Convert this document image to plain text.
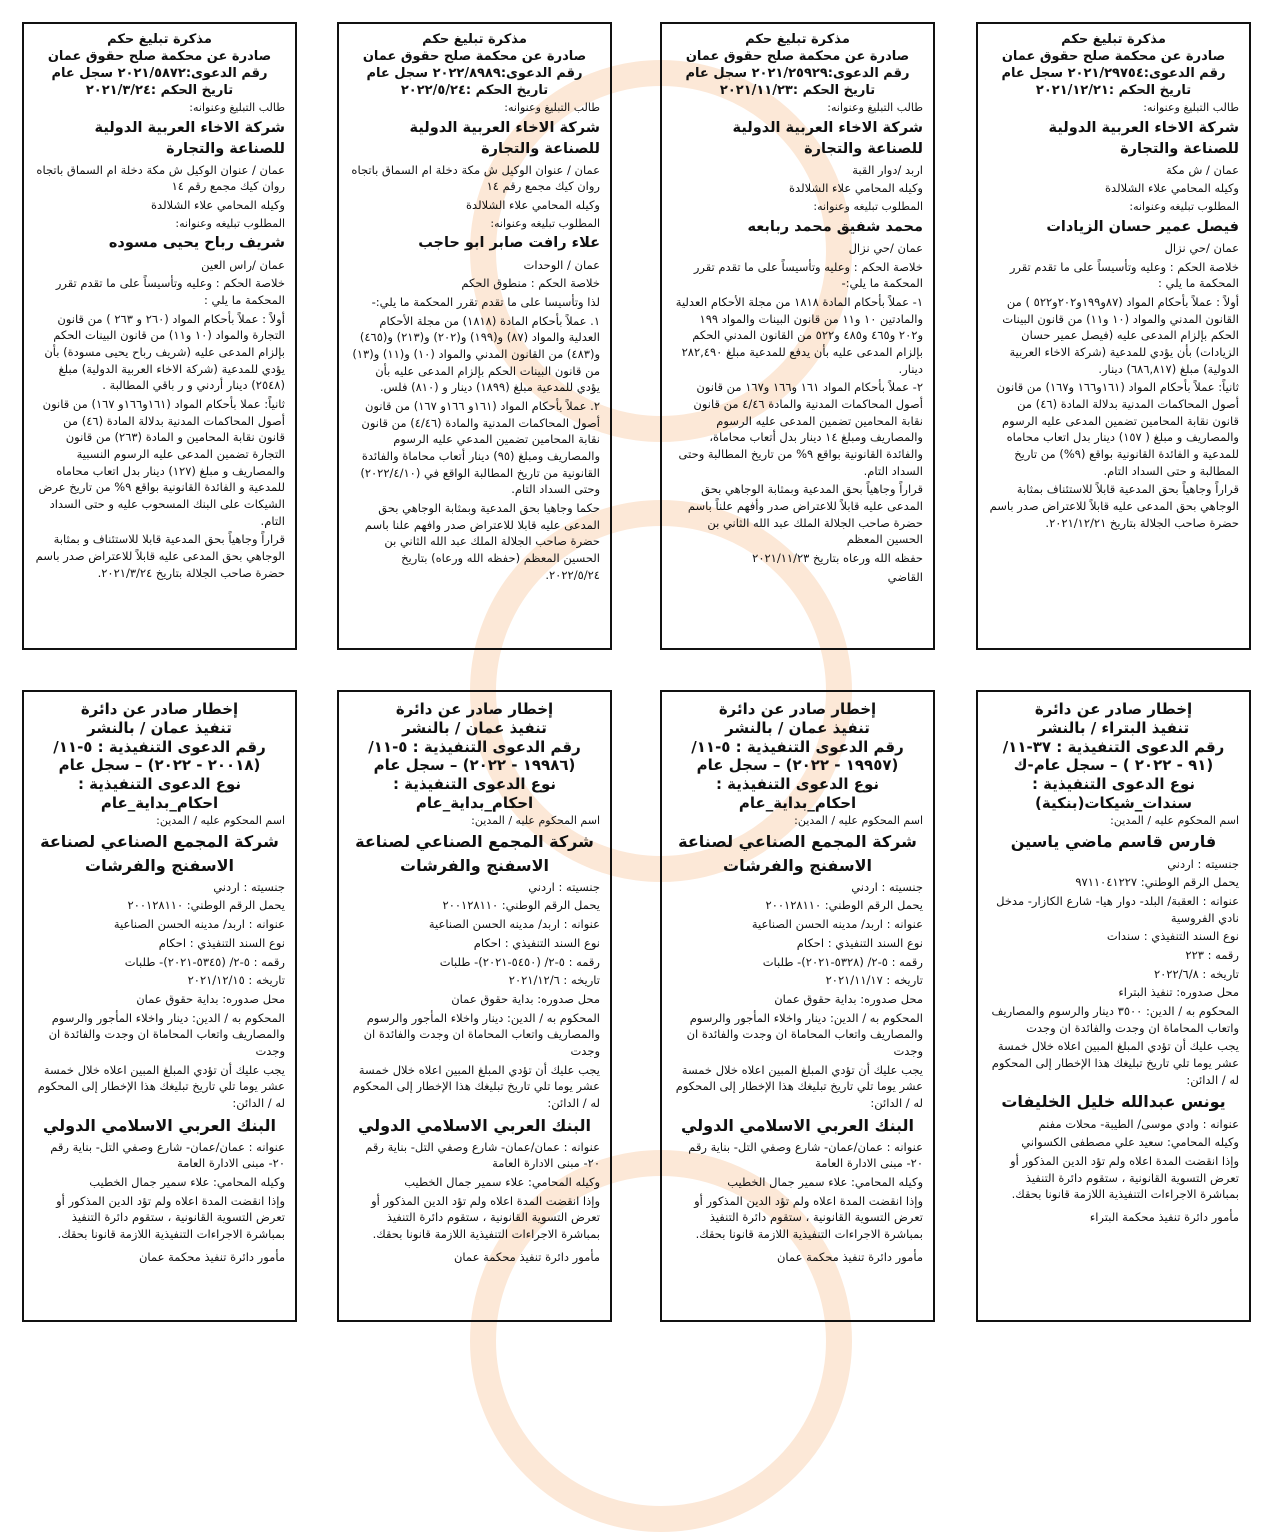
مذكرة تبليغ حكم
صادرة عن محكمة صلح حقوق عمان
رقم الدعوى:٢٠٢١/٢٩٧٥٤ سجل عام
تاريخ الحكم :٢٠٢١/١٢/٢١

طالب التبليغ وعنوانه:

شركة الاخاء العربية الدولية للصناعة والتجارة

عمان / ش مكة

وكيله المحامي علاء الشلالدة

المطلوب تبليغه وعنوانه:

فيصل عمير حسان الزيادات

عمان /حي نزال

خلاصة الحكم : وعليه وتأسيساً على ما تقدم تقرر المحكمة ما يلي :

أولاً : عملاً بأحكام المواد (٨٧و١٩٩و٢٠٢و٥٢٢ ) من القانون المدني والمواد (١٠ و١١) من قانون البينات الحكم بإلزام المدعى عليه (فيصل عمير حسان الزيادات) بأن يؤدي للمدعية (شركة الاخاء العربية الدولية) مبلغ (٦٨٦,٨١٧) دينار.

ثانياً: عملاً بأحكام المواد (١٦١و١٦٦ و١٦٧) من قانون أصول المحاكمات المدنية بدلالة المادة (٤٦) من قانون نقابة المحامين تضمين المدعى عليه الرسوم والمصاريف و مبلغ ( ١٥٧) دينار بدل اتعاب محاماه للمدعية و الفائدة القانونية بواقع (٩%) من تاريخ المطالبة و حتى السداد التام.

قراراً وجاهياً بحق المدعية قابلاً للاستئناف بمثابة الوجاهي بحق المدعى عليه قابلاً للاعتراض صدر باسم حضرة صاحب الجلالة بتاريخ ٢٠٢١/١٢/٢١.

مذكرة تبليغ حكم
صادرة عن محكمة صلح حقوق عمان
رقم الدعوى:٢٠٢١/٢٥٩٢٩ سجل عام
تاريخ الحكم :٢٠٢١/١١/٢٣

طالب التبليغ وعنوانه:

شركة الاخاء العربية الدولية للصناعة والتجارة

اربد /دوار القبة

وكيله المحامي علاء الشلالدة

المطلوب تبليغه وعنوانه:

محمد شفيق محمد ربابعه

عمان /حي نزال

خلاصة الحكم : وعليه وتأسيساً على ما تقدم تقرر المحكمة ما يلي:-

١- عملاً بأحكام المادة ١٨١٨ من مجلة الأحكام العدلية والمادتين ١٠ و١١ من قانون البينات والمواد ١٩٩ و٢٠٢ و٤٦٥ و٤٨٥ و٥٢٢ من القانون المدني الحكم بإلزام المدعى عليه بأن يدفع للمدعية مبلغ ٢٨٢,٤٩٠ دينار.

٢- عملاً بأحكام المواد ١٦١ و١٦٦ و١٦٧ من قانون أصول المحاكمات المدنية والمادة ٤/٤٦ من قانون نقابة المحامين تضمين المدعى عليه الرسوم والمصاريف ومبلغ ١٤ دينار بدل أتعاب محاماة، والفائدة القانونية بواقع ٩% من تاريخ المطالبة وحتى السداد التام.

قراراً وجاهياً بحق المدعية وبمثابة الوجاهي بحق المدعى عليه قابلاً للاعتراض صدر وأفهم علناً باسم حضرة صاحب الجلالة الملك عبد الله الثاني بن الحسين المعظم

حفظه الله ورعاه بتاريخ ٢٠٢١/١١/٢٣

القاضي

مذكرة تبليغ حكم
صادرة عن محكمة صلح حقوق عمان
رقم الدعوى:٢٠٢٢/٨٩٨٩ سجل عام
تاريخ الحكم :٢٠٢٢/٥/٢٤

طالب التبليغ وعنوانه:

شركة الاخاء العربية الدولية للصناعة والتجارة

عمان / عنوان الوكيل ش مكة دخلة ام السماق باتجاه روان كيك مجمع رقم ١٤

وكيله المحامي علاء الشلالدة

المطلوب تبليغه وعنوانه:

علاء رافت صابر ابو حاجب

عمان / الوحدات

خلاصة الحكم : منطوق الحكم

لذا وتأسيسا على ما تقدم تقرر المحكمة ما يلي:-

١. عملاً بأحكام المادة (١٨١٨) من مجلة الأحكام العدلية والمواد (٨٧) و(١٩٩) و(٢٠٢) و(٢١٣) و(٤٦٥) و(٤٨٣) من القانون المدني والمواد (١٠) و(١١) و(١٣) من قانون البينات الحكم بإلزام المدعى عليه بأن يؤدي للمدعية مبلغ (١٨٩٩) دينار و (٨١٠) فلس.

٢. عملاً بأحكام المواد (١٦١و ١٦٦و ١٦٧) من قانون أصول المحاكمات المدنية والمادة (٤/٤٦) من قانون نقابة المحامين تضمين المدعي عليه الرسوم والمصاريف ومبلغ (٩٥) دينار أتعاب محاماة والفائدة القانونية من تاريخ المطالبة الواقع في (٢٠٢٢/٤/١٠) وحتى السداد التام.

حكما وجاهيا بحق المدعية وبمثابة الوجاهي بحق المدعى عليه قابلا للاعتراض صدر وافهم علنا باسم حضرة صاحب الجلالة الملك عبد الله الثاني بن الحسين المعظم (حفظه الله ورعاه) بتاريخ ٢٠٢٢/٥/٢٤.

مذكرة تبليغ حكم
صادرة عن محكمة صلح حقوق عمان
رقم الدعوى:٢٠٢١/٥٨٧٢ سجل عام
تاريخ الحكم :٢٠٢١/٣/٢٤

طالب التبليغ وعنوانه:

شركة الاخاء العربية الدولية للصناعة والتجارة

عمان / عنوان الوكيل ش مكة دخلة ام السماق باتجاه روان كيك مجمع رقم ١٤

وكيله المحامي علاء الشلالدة

المطلوب تبليغه وعنوانه:

شريف رباح يحيى مسوده

عمان /راس العين

خلاصة الحكم : وعليه وتأسيساً على ما تقدم تقرر المحكمة ما يلي :

أولاً : عملاً بأحكام المواد (٢٦٠ و ٢٦٣ ) من قانون التجارة والمواد (١٠ و١١) من قانون البينات الحكم بإلزام المدعى عليه (شريف رباح يحيى مسودة) بأن يؤدي للمدعية (شركة الاخاء العربية الدولية) مبلغ (٢٥٤٨) دينار أردني و ر باقي المطالبة .

ثانياً: عملا بأحكام المواد (١٦١و١٦٦و ١٦٧) من قانون أصول المحاكمات المدنية بدلالة المادة (٤٦) من قانون نقابة المحامين و المادة (٢٦٣) من قانون التجارة تضمين المدعى عليه الرسوم النسبية والمصاريف و مبلغ (١٢٧) دينار بدل اتعاب محاماه للمدعية و الفائدة القانونية بواقع ٩% من تاريخ عرض الشيكات على البنك المسحوب عليه و حتى السداد التام.

قراراً وجاهياً بحق المدعية قابلا للاستئناف و بمثابة الوجاهي بحق المدعى عليه قابلاً للاعتراض صدر باسم حضرة صاحب الجلالة بتاريخ ٢٠٢١/٣/٢٤.

إخطار صادر عن دائرة
تنفيذ البتراء / بالنشر
رقم الدعوى التنفيذية : ٣٧-١١/ (٩١ - ٢٠٢٢ ) – سجل عام-ك
نوع الدعوى التنفيذية :
سندات_شيكات(بنكية)

اسم المحكوم عليه / المدين:

فارس قاسم ماضي ياسين

جنسيته : اردني

يحمل الرقم الوطني: ٩٧١١٠٤١٢٢٧

عنوانه : العقبة/ البلد- دوار هيا- شارع الكازار- مدخل نادي الفروسية

نوع السند التنفيذي : سندات

رقمه : ٢٢٣

تاريخه : ٢٠٢٢/٦/٨

محل صدوره: تنفيذ البتراء

المحكوم به / الدين: ٣٥٠٠ دينار والرسوم والمصاريف واتعاب المحاماة ان وجدت والفائدة ان وجدت

يجب عليك أن تؤدي المبلغ المبين اعلاه خلال خمسة عشر يوما تلي تاريخ تبليغك هذا الإخطار إلى المحكوم له / الدائن:

يونس عبدالله خليل الخليفات

عنوانه : وادي موسى/ الطيبة- محلات مفنم

وكيله المحامي: سعيد علي مصطفى الكسواني

وإذا انقضت المدة اعلاه ولم تؤد الدين المذكور أو تعرض التسوية القانونية ، ستقوم دائرة التنفيذ بمباشرة الاجراءات التنفيذية اللازمة قانونا بحقك.

مأمور دائرة تنفيذ محكمة البتراء

إخطار صادر عن دائرة
تنفيذ عمان / بالنشر
رقم الدعوى التنفيذية : ٥-١١/ (١٩٩٥٧ - ٢٠٢٢) – سجل عام
نوع الدعوى التنفيذية :
احكام_بداية_عام

اسم المحكوم عليه / المدين:

شركة المجمع الصناعي لصناعة الاسفنج والفرشات

جنسيته : اردني

يحمل الرقم الوطني: ٢٠٠١٢٨١١٠

عنوانه : اربد/ مدينه الحسن الصناعية

نوع السند التنفيذي : احكام

رقمه : ٥-٢/ (٥٣٢٨-٢٠٢١)- طلبات

تاريخه : ٢٠٢١/١١/١٧

محل صدوره: بداية حقوق عمان

المحكوم به / الدين: دينار واخلاء المأجور والرسوم والمصاريف واتعاب المحاماة ان وجدت والفائدة ان وجدت

يجب عليك أن تؤدي المبلغ المبين اعلاه خلال خمسة عشر يوما تلي تاريخ تبليغك هذا الإخطار إلى المحكوم له / الدائن:

البنك العربي الاسلامي الدولي

عنوانه : عمان/عمان- شارع وصفي التل- بناية رقم ٢٠- مبنى الادارة العامة

وكيله المحامي: علاء سمير جمال الخطيب

وإذا انقضت المدة اعلاه ولم تؤد الدين المذكور أو تعرض التسوية القانونية ، ستقوم دائرة التنفيذ بمباشرة الاجراءات التنفيذية اللازمة قانونا بحقك.

مأمور دائرة تنفيذ محكمة عمان

إخطار صادر عن دائرة
تنفيذ عمان / بالنشر
رقم الدعوى التنفيذية : ٥-١١/ (١٩٩٨٦ - ٢٠٢٢) – سجل عام
نوع الدعوى التنفيذية :
احكام_بداية_عام

اسم المحكوم عليه / المدين:

شركة المجمع الصناعي لصناعة الاسفنج والفرشات

جنسيته : اردني

يحمل الرقم الوطني: ٢٠٠١٢٨١١٠

عنوانه : اربد/ مدينه الحسن الصناعية

نوع السند التنفيذي : احكام

رقمه : ٥-٢/ (٥٤٥٠-٢٠٢١)- طلبات

تاريخه : ٢٠٢١/١٢/٦

محل صدوره: بداية حقوق عمان

المحكوم به / الدين: دينار واخلاء المأجور والرسوم والمصاريف واتعاب المحاماة ان وجدت والفائدة ان وجدت

يجب عليك أن تؤدي المبلغ المبين اعلاه خلال خمسة عشر يوما تلي تاريخ تبليغك هذا الإخطار إلى المحكوم له / الدائن:

البنك العربي الاسلامي الدولي

عنوانه : عمان/عمان- شارع وصفي التل- بناية رقم ٢٠- مبنى الادارة العامة

وكيله المحامي: علاء سمير جمال الخطيب

وإذا انقضت المدة اعلاه ولم تؤد الدين المذكور أو تعرض التسوية القانونية ، ستقوم دائرة التنفيذ بمباشرة الاجراءات التنفيذية اللازمة قانونا بحقك.

مأمور دائرة تنفيذ محكمة عمان

إخطار صادر عن دائرة
تنفيذ عمان / بالنشر
رقم الدعوى التنفيذية : ٥-١١/ (٢٠٠١٨ - ٢٠٢٢) – سجل عام
نوع الدعوى التنفيذية :
احكام_بداية_عام

اسم المحكوم عليه / المدين:

شركة المجمع الصناعي لصناعة الاسفنج والفرشات

جنسيته : اردني

يحمل الرقم الوطني: ٢٠٠١٢٨١١٠

عنوانه : اربد/ مدينه الحسن الصناعية

نوع السند التنفيذي : احكام

رقمه : ٥-٢/ (٥٣٤٥-٢٠٢١)- طلبات

تاريخه : ٢٠٢١/١٢/١٥

محل صدوره: بداية حقوق عمان

المحكوم به / الدين: دينار واخلاء المأجور والرسوم والمصاريف واتعاب المحاماة ان وجدت والفائدة ان وجدت

يجب عليك أن تؤدي المبلغ المبين اعلاه خلال خمسة عشر يوما تلي تاريخ تبليغك هذا الإخطار إلى المحكوم له / الدائن:

البنك العربي الاسلامي الدولي

عنوانه : عمان/عمان- شارع وصفي التل- بناية رقم ٢٠- مبنى الادارة العامة

وكيله المحامي: علاء سمير جمال الخطيب

وإذا انقضت المدة اعلاه ولم تؤد الدين المذكور أو تعرض التسوية القانونية ، ستقوم دائرة التنفيذ بمباشرة الاجراءات التنفيذية اللازمة قانونا بحقك.

مأمور دائرة تنفيذ محكمة عمان
